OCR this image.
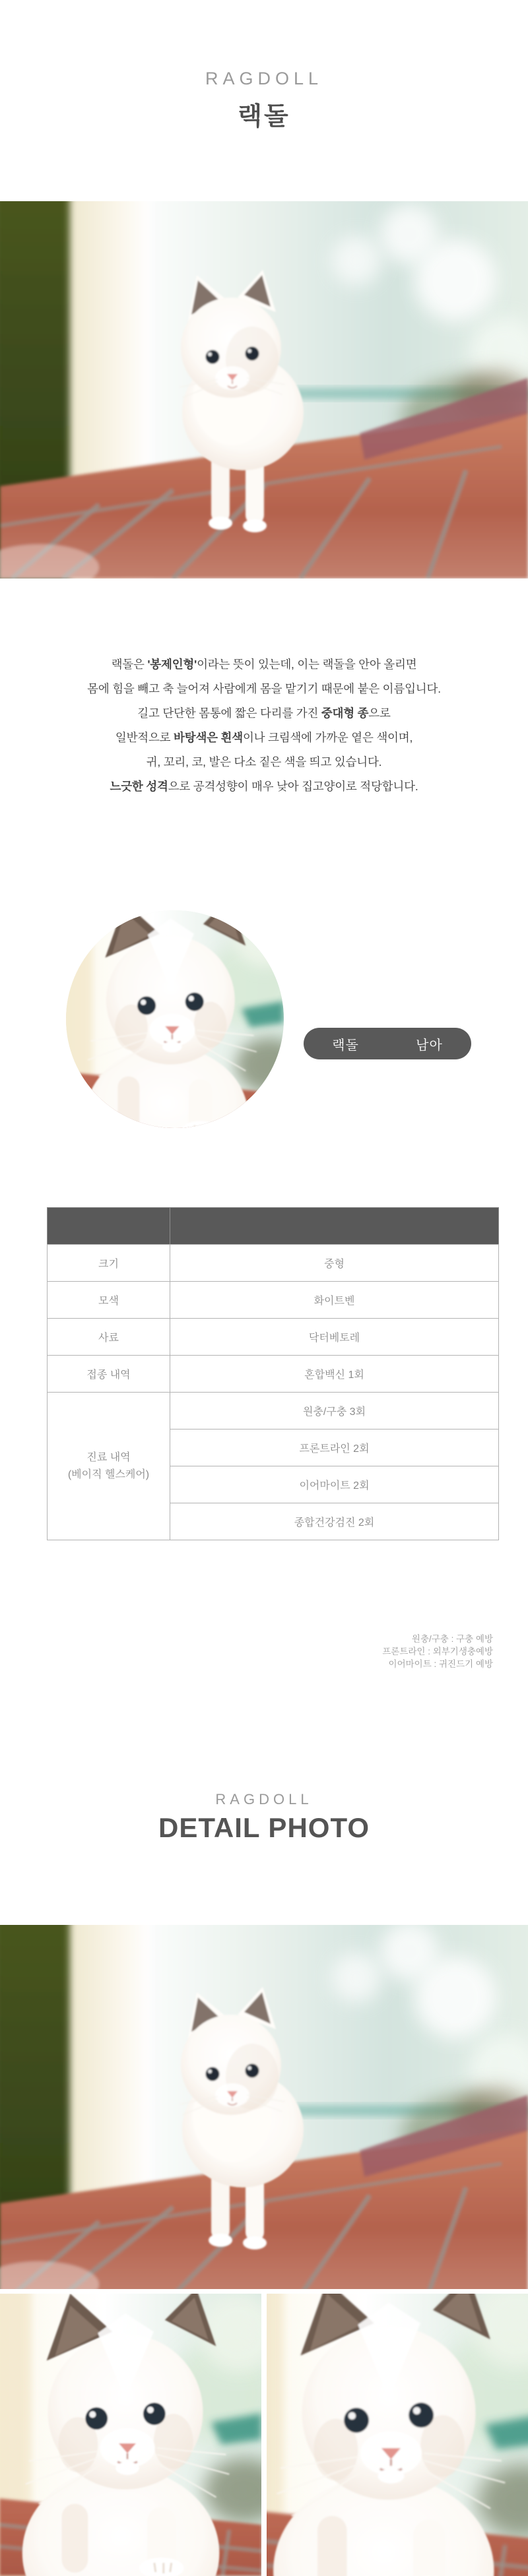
RAGDOLL
랙돌
랙돌은 '봉제인형'이라는 뜻이 있는데, 이는 랙돌을 안아 올리면
몸에 힘을 빼고 축 늘어져 사람에게 몸을 맡기기 때문에 붙은 이름입니다.
길고 단단한 몸통에 짧은 다리를 가진 중대형 종으로
일반적으로 바탕색은 흰색이나 크림색에 가까운 옅은 색이며,
귀, 꼬리, 코, 발은 다소 짙은 색을 띄고 있습니다.
느긋한 성격으로 공격성향이 매우 낮아 집고양이로 적당합니다.
랙돌	남아

크기	중형
모색	화이트벤
사료	닥터베토레
접종 내역	혼합백신 1회

진료 내역
(베이직 헬스케어)	원충/구충 3회
	프론트라인 2회
	이어마이트 2회
	종합건강검진 2회
원충/구충 : 구충 예방
프론트라인 : 외부기생충예방
이어마이트 : 귀진드기 예방
RAGDOLL
DETAIL PHOTO
